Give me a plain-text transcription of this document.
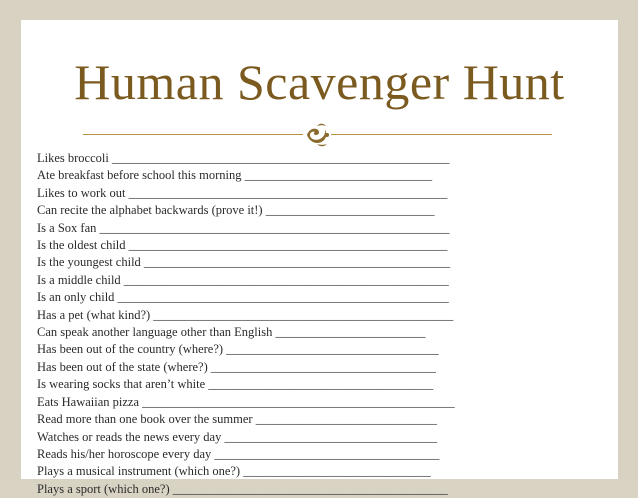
Human Scavenger Hunt
Likes broccoli ______________________________________________________
Ate breakfast before school this morning ______________________________
Likes to work out ___________________________________________________
Can recite the alphabet backwards (prove it!) ___________________________
Is a Sox fan ________________________________________________________
Is the oldest child ___________________________________________________
Is the youngest child _________________________________________________
Is a middle child ____________________________________________________
Is an only child _____________________________________________________
Has a pet (what kind?) ________________________________________________
Can speak another language other than English ________________________
Has been out of the country (where?) __________________________________
Has been out of the state (where?) ____________________________________
Is wearing socks that aren’t white ____________________________________
Eats Hawaiian pizza __________________________________________________
Read more than one book over the summer _____________________________
Watches or reads the news every day __________________________________
Reads his/her horoscope every day ____________________________________
Plays a musical instrument (which one?) ______________________________
Plays a sport (which one?) ____________________________________________
